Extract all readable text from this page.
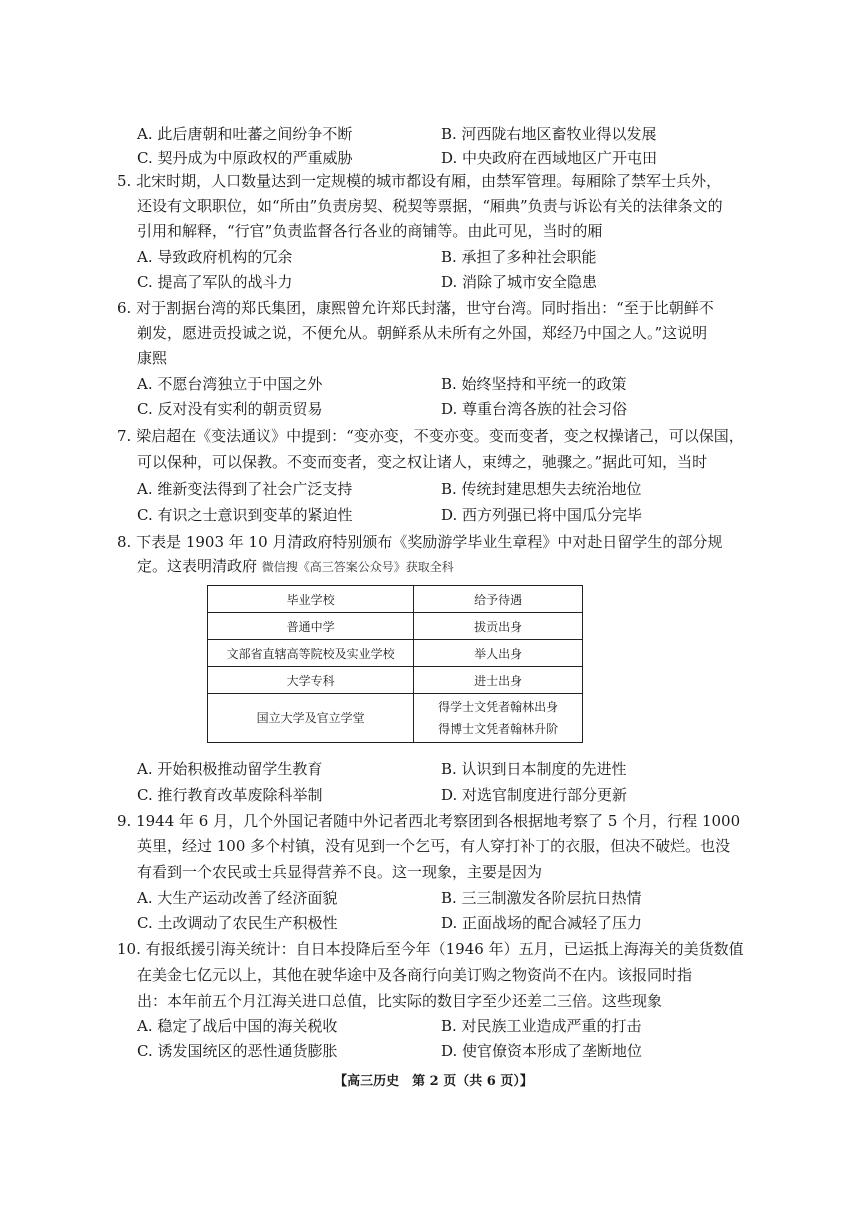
A. 此后唐朝和吐蕃之间纷争不断	B. 河西陇右地区畜牧业得以发展
C. 契丹成为中原政权的严重威胁	D. 中央政府在西域地区广开屯田
5. 北宋时期，人口数量达到一定规模的城市都设有厢，由禁军管理。每厢除了禁军士兵外，
还设有文职职位，如“所由”负责房契、税契等票据，“厢典”负责与诉讼有关的法律条文的
引用和解释，“行官”负责监督各行各业的商铺等。由此可见，当时的厢
A. 导致政府机构的冗余	B. 承担了多种社会职能
C. 提高了军队的战斗力	D. 消除了城市安全隐患
6. 对于割据台湾的郑氏集团，康熙曾允许郑氏封藩，世守台湾。同时指出：“至于比朝鲜不
剃发，愿进贡投诚之说，不便允从。朝鲜系从未所有之外国，郑经乃中国之人。”这说明
康熙
A. 不愿台湾独立于中国之外	B. 始终坚持和平统一的政策
C. 反对没有实利的朝贡贸易	D. 尊重台湾各族的社会习俗
7. 梁启超在《变法通议》中提到：“变亦变，不变亦变。变而变者，变之权操诸己，可以保国，
可以保种，可以保教。不变而变者，变之权让诸人，束缚之，驰骤之。”据此可知，当时
A. 维新变法得到了社会广泛支持	B. 传统封建思想失去统治地位
C. 有识之士意识到变革的紧迫性	D. 西方列强已将中国瓜分完毕
8. 下表是 1903 年 10 月清政府特别颁布《奖励游学毕业生章程》中对赴日留学生的部分规
定。这表明清政府 微信搜《高三答案公众号》获取全科
毕业学校	给予待遇
普通中学	拔贡出身
文部省直辖高等院校及实业学校	举人出身
大学专科	进士出身
国立大学及官立学堂	得学士文凭者翰林出身
得博士文凭者翰林升阶
A. 开始积极推动留学生教育	B. 认识到日本制度的先进性
C. 推行教育改革废除科举制	D. 对选官制度进行部分更新
9. 1944 年 6 月，几个外国记者随中外记者西北考察团到各根据地考察了 5 个月，行程 1000
英里，经过 100 多个村镇，没有见到一个乞丐，有人穿打补丁的衣服，但决不破烂。也没
有看到一个农民或士兵显得营养不良。这一现象，主要是因为
A. 大生产运动改善了经济面貌	B. 三三制激发各阶层抗日热情
C. 土改调动了农民生产积极性	D. 正面战场的配合减轻了压力
10. 有报纸援引海关统计：自日本投降后至今年（1946 年）五月，已运抵上海海关的美货数值
在美金七亿元以上，其他在驶华途中及各商行向美订购之物资尚不在内。该报同时指
出：本年前五个月江海关进口总值，比实际的数目字至少还差二三倍。这些现象
A. 稳定了战后中国的海关税收	B. 对民族工业造成严重的打击
C. 诱发国统区的恶性通货膨胀	D. 使官僚资本形成了垄断地位
【高三历史　第 2 页（共 6 页）】
